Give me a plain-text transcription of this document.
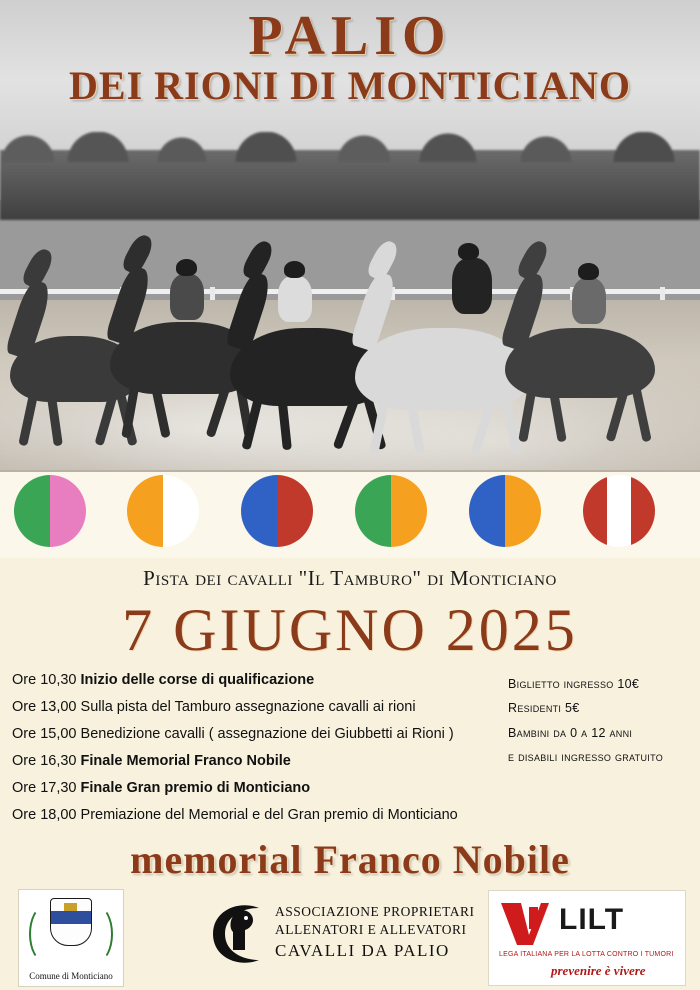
PALIO
DEI RIONI DI MONTICIANO
Pista dei cavalli "Il Tamburo" di Monticiano
7 GIUGNO 2025
Ore 10,30 Inizio delle corse di qualificazione
Ore 13,00 Sulla pista del Tamburo assegnazione cavalli ai rioni
Ore 15,00 Benedizione cavalli ( assegnazione dei Giubbetti ai Rioni )
Ore 16,30 Finale Memorial Franco Nobile
Ore 17,30 Finale Gran premio di Monticiano
Ore 18,00 Premiazione del Memorial e del Gran premio di Monticiano
Biglietto ingresso 10€
Residenti 5€
Bambini da 0 a 12 anni
e disabili ingresso gratuito
memorial Franco Nobile
Comune di Monticiano
ASSOCIAZIONE PROPRIETARI
ALLENATORI E ALLEVATORI
CAVALLI DA PALIO
LILT
LEGA ITALIANA PER LA LOTTA CONTRO I TUMORI
prevenire è vivere
